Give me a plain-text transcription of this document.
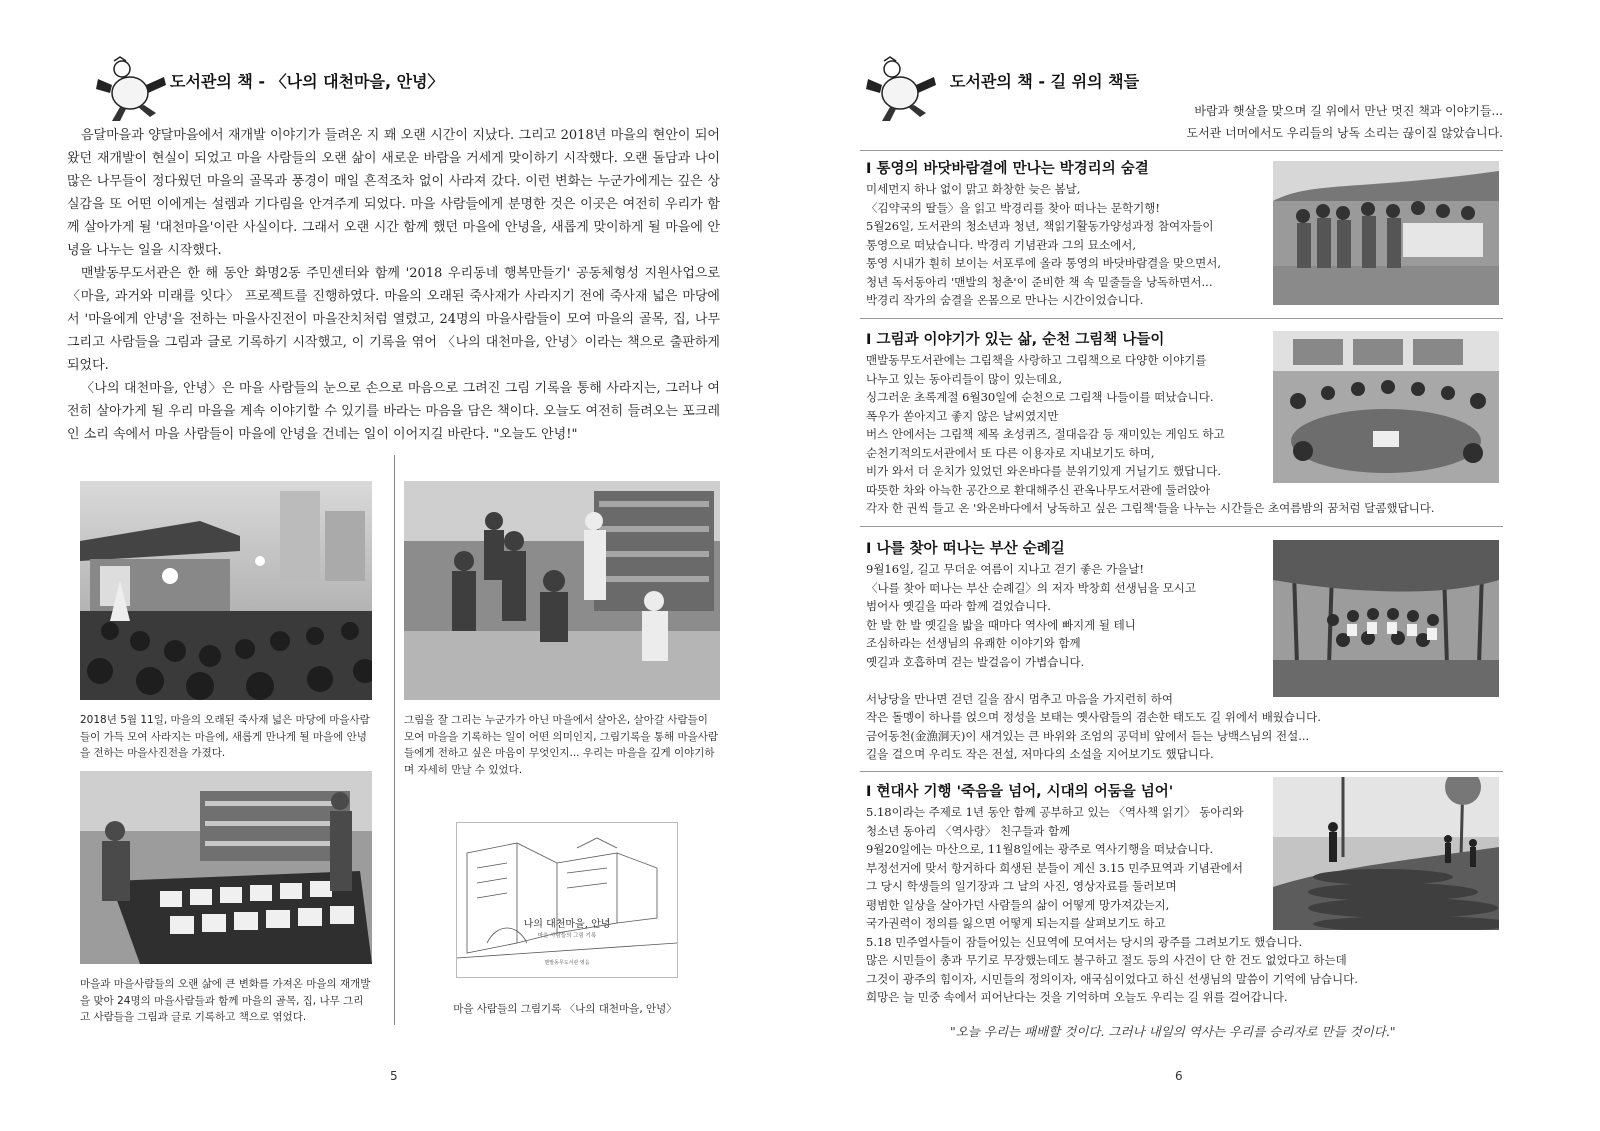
도서관의 책 - 〈나의 대천마을, 안녕〉

음달마을과 양달마을에서 재개발 이야기가 들려온 지 꽤 오랜 시간이 지났다. 그리고 2018년 마을의 현안이 되어 왔던 재개발이 현실이 되었고 마을 사람들의 오랜 삶이 새로운 바람을 거세게 맞이하기 시작했다. 오랜 돌담과 나이 많은 나무들이 정다웠던 마을의 골목과 풍경이 매일 흔적조차 없이 사라져 갔다. 이런 변화는 누군가에게는 깊은 상실감을 또 어떤 이에게는 설렘과 기다림을 안겨주게 되었다. 마을 사람들에게 분명한 것은 이곳은 여전히 우리가 함께 살아가게 될 '대천마을'이란 사실이다. 그래서 오랜 시간 함께 했던 마을에 안녕을, 새롭게 맞이하게 될 마을에 안녕을 나누는 일을 시작했다.

맨발동무도서관은 한 해 동안 화명2동 주민센터와 함께 '2018 우리동네 행복만들기' 공동체형성 지원사업으로 〈마을, 과거와 미래를 잇다〉 프로젝트를 진행하였다. 마을의 오래된 죽사재가 사라지기 전에 죽사재 넓은 마당에서 '마을에게 안녕'을 전하는 마을사진전이 마을잔치처럼 열렸고, 24명의 마을사람들이 모여 마을의 골목, 집, 나무 그리고 사람들을 그림과 글로 기록하기 시작했고, 이 기록을 엮어 〈나의 대천마을, 안녕〉이라는 책으로 출판하게 되었다.

〈나의 대천마을, 안녕〉은 마을 사람들의 눈으로 손으로 마음으로 그려진 그림 기록을 통해 사라지는, 그러나 여전히 살아가게 될 우리 마을을 계속 이야기할 수 있기를 바라는 마음을 담은 책이다. 오늘도 여전히 들려오는 포크레인 소리 속에서 마을 사람들이 마을에 안녕을 건네는 일이 이어지길 바란다. "오늘도 안녕!"

2018년 5월 11일, 마을의 오래된 죽사재 넓은 마당에 마을사람들이 가득 모여 사라지는 마을에, 새롭게 만나게 될 마을에 안녕을 전하는 마을사진전을 가졌다.
그림을 잘 그리는 누군가가 아닌 마을에서 살아온, 살아갈 사람들이 모여 마을을 기록하는 일이 어떤 의미인지, 그림기록을 통해 마을사람들에게 전하고 싶은 마음이 무엇인지... 우리는 마을을 깊게 이야기하며 자세히 만날 수 있었다.
마을과 마을사람들의 오랜 삶에 큰 변화를 가져온 마을의 재개발을 맞아 24명의 마을사람들과 함께 마을의 골목, 집, 나무 그리고 사람들을 그림과 글로 기록하고 책으로 엮었다.
나의 대천마을, 안녕
마을 사람들의 그림 기록
맨발동무도서관 엮음
마을 사람들의 그림기록 〈나의 대천마을, 안녕〉
5
도서관의 책 - 길 위의 책들
바람과 햇살을 맞으며 길 위에서 만난 멋진 책과 이야기들...
도서관 너머에서도 우리들의 낭독 소리는 끊이질 않았습니다.
I 통영의 바닷바람결에 만나는 박경리의 숨결
미세먼지 하나 없이 맑고 화창한 늦은 봄날,
〈김약국의 딸들〉을 읽고 박경리를 찾아 떠나는 문학기행!
5월26일, 도서관의 청소년과 청년, 책읽기활동가양성과정 참여자들이
통영으로 떠났습니다. 박경리 기념관과 그의 묘소에서,
통영 시내가 훤히 보이는 서포루에 올라 통영의 바닷바람결을 맞으면서,
청년 독서동아리 '맨발의 청춘'이 준비한 책 속 밑줄들을 낭독하면서...
박경리 작가의 숨결을 온몸으로 만나는 시간이었습니다.
I 그림과 이야기가 있는 삶, 순천 그림책 나들이
맨발동무도서관에는 그림책을 사랑하고 그림책으로 다양한 이야기를
나누고 있는 동아리들이 많이 있는데요,
싱그러운 초록계절 6월30일에 순천으로 그림책 나들이를 떠났습니다.
폭우가 쏟아지고 좋지 않은 날씨였지만
버스 안에서는 그림책 제목 초성퀴즈, 절대음감 등 재미있는 게임도 하고
순천기적의도서관에서 또 다른 이용자로 지내보기도 하며,
비가 와서 더 운치가 있었던 와온바다를 분위기있게 거닐기도 했답니다.
따뜻한 차와 아늑한 공간으로 환대해주신 관옥나무도서관에 둘러앉아
각자 한 권씩 들고 온 '와온바다에서 낭독하고 싶은 그림책'들을 나누는 시간들은 초여름밤의 꿈처럼 달콤했답니다.
I 나를 찾아 떠나는 부산 순례길
9월16일, 길고 무더운 여름이 지나고 걷기 좋은 가을날!
〈나를 찾아 떠나는 부산 순례길〉의 저자 박창희 선생님을 모시고
범어사 옛길을 따라 함께 걸었습니다.
한 발 한 발 옛길을 밟을 때마다 역사에 빠지게 될 테니
조심하라는 선생님의 유쾌한 이야기와 함께
옛길과 호흡하며 걷는 발걸음이 가볍습니다.
서낭당을 만나면 걷던 길을 잠시 멈추고 마음을 가지런히 하여
작은 돌멩이 하나를 얹으며 정성을 보태는 옛사람들의 겸손한 태도도 길 위에서 배웠습니다.
금어동천(金漁洞天)이 새겨있는 큰 바위와 조엄의 공덕비 앞에서 듣는 낭백스님의 전설...
길을 걸으며 우리도 작은 전설, 저마다의 소설을 지어보기도 했답니다.
I 현대사 기행 '죽음을 넘어, 시대의 어둠을 넘어'
5.18이라는 주제로 1년 동안 함께 공부하고 있는 〈역사책 읽기〉 동아리와
청소년 동아리 〈역사랑〉 친구들과 함께
9월20일에는 마산으로, 11월8일에는 광주로 역사기행을 떠났습니다.
부정선거에 맞서 항거하다 희생된 분들이 계신 3.15 민주묘역과 기념관에서
그 당시 학생들의 일기장과 그 날의 사진, 영상자료를 둘러보며
평범한 일상을 살아가던 사람들의 삶이 어떻게 망가져갔는지,
국가권력이 정의를 잃으면 어떻게 되는지를 살펴보기도 하고
5.18 민주열사들이 잠들어있는 신묘역에 모여서는 당시의 광주를 그려보기도 했습니다.
많은 시민들이 총과 무기로 무장했는데도 불구하고 절도 등의 사건이 단 한 건도 없었다고 하는데
그것이 광주의 힘이자, 시민들의 정의이자, 애국심이었다고 하신 선생님의 말씀이 기억에 남습니다.
희망은 늘 민중 속에서 피어난다는 것을 기억하며 오늘도 우리는 길 위를 걸어갑니다.
"오늘 우리는 패배할 것이다. 그러나 내일의 역사는 우리를 승리자로 만들 것이다."
6
